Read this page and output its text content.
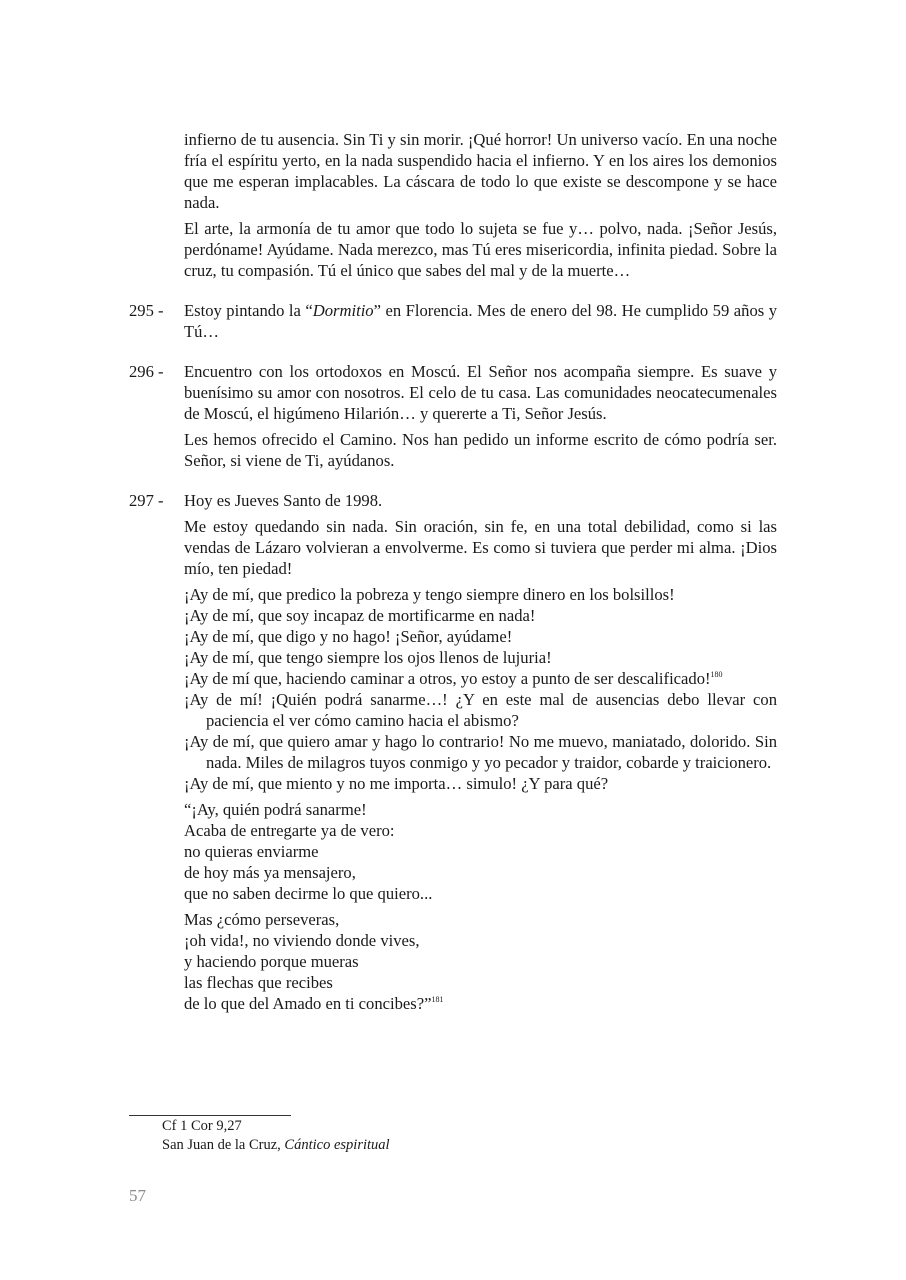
infierno de tu ausencia. Sin Ti y sin morir. ¡Qué horror! Un universo vacío. En una noche fría el espíritu yerto, en la nada suspendido hacia el infierno. Y en los aires los demonios que me esperan implacables. La cáscara de todo lo que existe se descompone y se hace nada.

El arte, la armonía de tu amor que todo lo sujeta se fue y… polvo, nada. ¡Señor Jesús, perdóname! Ayúdame. Nada merezco, mas Tú eres misericordia, infinita piedad. Sobre la cruz, tu compasión. Tú el único que sabes del mal y de la muerte…

295 -	Estoy pintando la “Dormitio” en Florencia. Mes de enero del 98. He cumplido 59 años y Tú…

296 -	Encuentro con los ortodoxos en Moscú. El Señor nos acompaña siempre. Es suave y buenísimo su amor con nosotros. El celo de tu casa. Las comunidades neocatecumenales de Moscú, el higúmeno Hilarión… y quererte a Ti, Señor Jesús.

Les hemos ofrecido el Camino. Nos han pedido un informe escrito de cómo podría ser. Señor, si viene de Ti, ayúdanos.

297 -	Hoy es Jueves Santo de 1998.

Me estoy quedando sin nada. Sin oración, sin fe, en una total debilidad, como si las vendas de Lázaro volvieran a envolverme. Es como si tuviera que perder mi alma. ¡Dios mío, ten piedad!

¡Ay de mí, que predico la pobreza y tengo siempre dinero en los bolsillos!

¡Ay de mí, que soy incapaz de mortificarme en nada!

¡Ay de mí, que digo y no hago! ¡Señor, ayúdame!

¡Ay de mí, que tengo siempre los ojos llenos de lujuria!

¡Ay de mí que, haciendo caminar a otros, yo estoy a punto de ser descalificado!$^{180}$

¡Ay de mí! ¡Quién podrá sanarme…! ¿Y en este mal de ausencias debo llevar con paciencia el ver cómo camino hacia el abismo?

¡Ay de mí, que quiero amar y hago lo contrario! No me muevo, maniatado, dolorido. Sin nada. Miles de milagros tuyos conmigo y yo pecador y traidor, cobarde y traicionero.

¡Ay de mí, que miento y no me importa… simulo! ¿Y para qué?

“¡Ay, quién podrá sanarme!
Acaba de entregarte ya de vero:
no quieras enviarme
de hoy más ya mensajero,
que no saben decirme lo que quiero...
Mas ¿cómo perseveras,
¡oh vida!, no viviendo donde vives,
y haciendo porque mueras
las flechas que recibes
de lo que del Amado en ti concibes?”$^{181}$
Cf 1 Cor 9,27
San Juan de la Cruz, Cántico espiritual
57
